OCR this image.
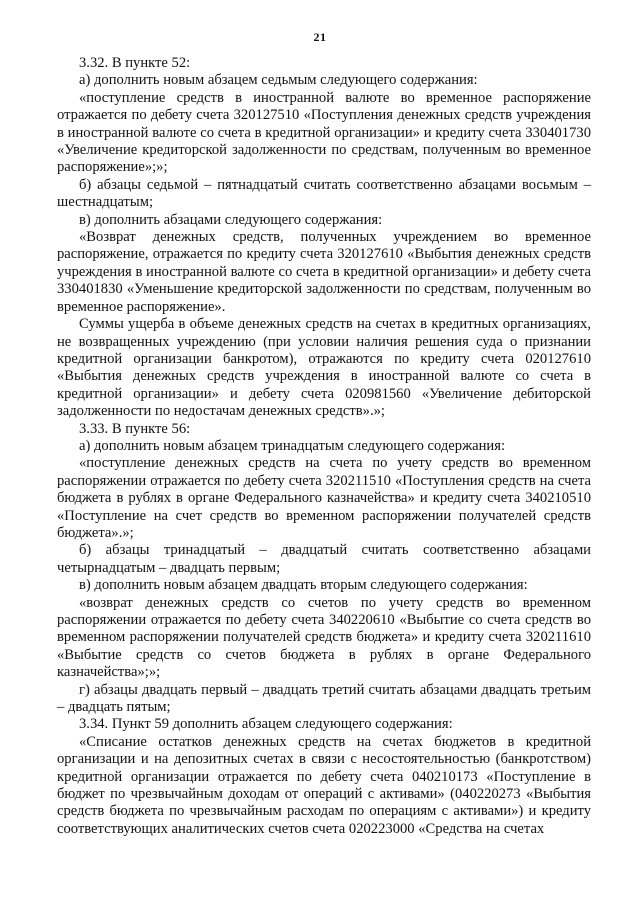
21

3.32. В пункте 52:

а) дополнить новым абзацем седьмым следующего содержания:

«поступление средств в иностранной валюте во временное распоряжение отражается по дебету счета 320127510 «Поступления денежных средств учреждения в иностранной валюте со счета в кредитной организации» и кредиту счета 330401730 «Увеличение кредиторской задолженности по средствам, полученным во временное распоряжение»;»;

б) абзацы седьмой – пятнадцатый считать соответственно абзацами восьмым – шестнадцатым;

в) дополнить абзацами следующего содержания:

«Возврат денежных средств, полученных учреждением во временное распоряжение, отражается по кредиту счета 320127610 «Выбытия денежных средств учреждения в иностранной валюте со счета в кредитной организации» и дебету счета 330401830 «Уменьшение кредиторской задолженности по средствам, полученным во временное распоряжение».

Суммы ущерба в объеме денежных средств на счетах в кредитных организациях, не возвращенных учреждению (при условии наличия решения суда о признании кредитной организации банкротом), отражаются по кредиту счета 020127610 «Выбытия денежных средств учреждения в иностранной валюте со счета в кредитной организации» и дебету счета 020981560 «Увеличение дебиторской задолженности по недостачам денежных средств».»;

3.33. В пункте 56:

а) дополнить новым абзацем тринадцатым следующего содержания:

«поступление денежных средств на счета по учету средств во временном распоряжении отражается по дебету счета 320211510 «Поступления средств на счета бюджета в рублях в органе Федерального казначейства» и кредиту счета 340210510 «Поступление на счет средств во временном распоряжении получателей средств бюджета».»;

б) абзацы тринадцатый – двадцатый считать соответственно абзацами четырнадцатым – двадцать первым;

в) дополнить новым абзацем двадцать вторым следующего содержания:

«возврат денежных средств со счетов по учету средств во временном распоряжении отражается по дебету счета 340220610 «Выбытие со счета средств во временном распоряжении получателей средств бюджета» и кредиту счета 320211610 «Выбытие средств со счетов бюджета в рублях в органе Федерального казначейства»;»;

г) абзацы двадцать первый – двадцать третий считать абзацами двадцать третьим – двадцать пятым;

3.34. Пункт 59 дополнить абзацем следующего содержания:

«Списание остатков денежных средств на счетах бюджетов в кредитной организации и на депозитных счетах в связи с несостоятельностью (банкротством) кредитной организации отражается по дебету счета 040210173 «Поступление в бюджет по чрезвычайным доходам от операций с активами» (040220273 «Выбытия средств бюджета по чрезвычайным расходам по операциям с активами») и кредиту соответствующих аналитических счетов счета 020223000 «Средства на счетах
